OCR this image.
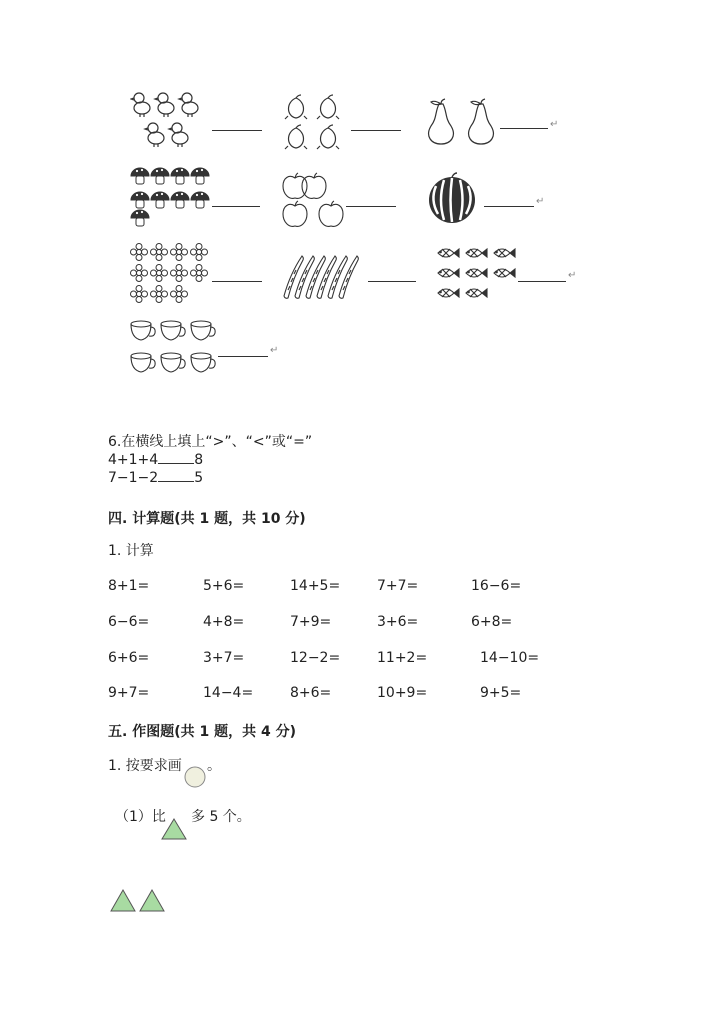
↵
↵
↵
↵
6.在横线上填上“>”、“<”或“=”
4+1+4	8
7−1−2	5
四. 计算题(共 1 题，共 10 分)
1. 计算
8+1=	5+6=	14+5=	7+7=	16−6=
6−6=	4+8=	7+9=	3+6=	6+8=
6+6=	3+7=	12−2=	11+2=	14−10=
9+7=	14−4=	8+6=	10+9=	9+5=
五. 作图题(共 1 题，共 4 分)
1. 按要求画 。
（1）比 多 5 个。
